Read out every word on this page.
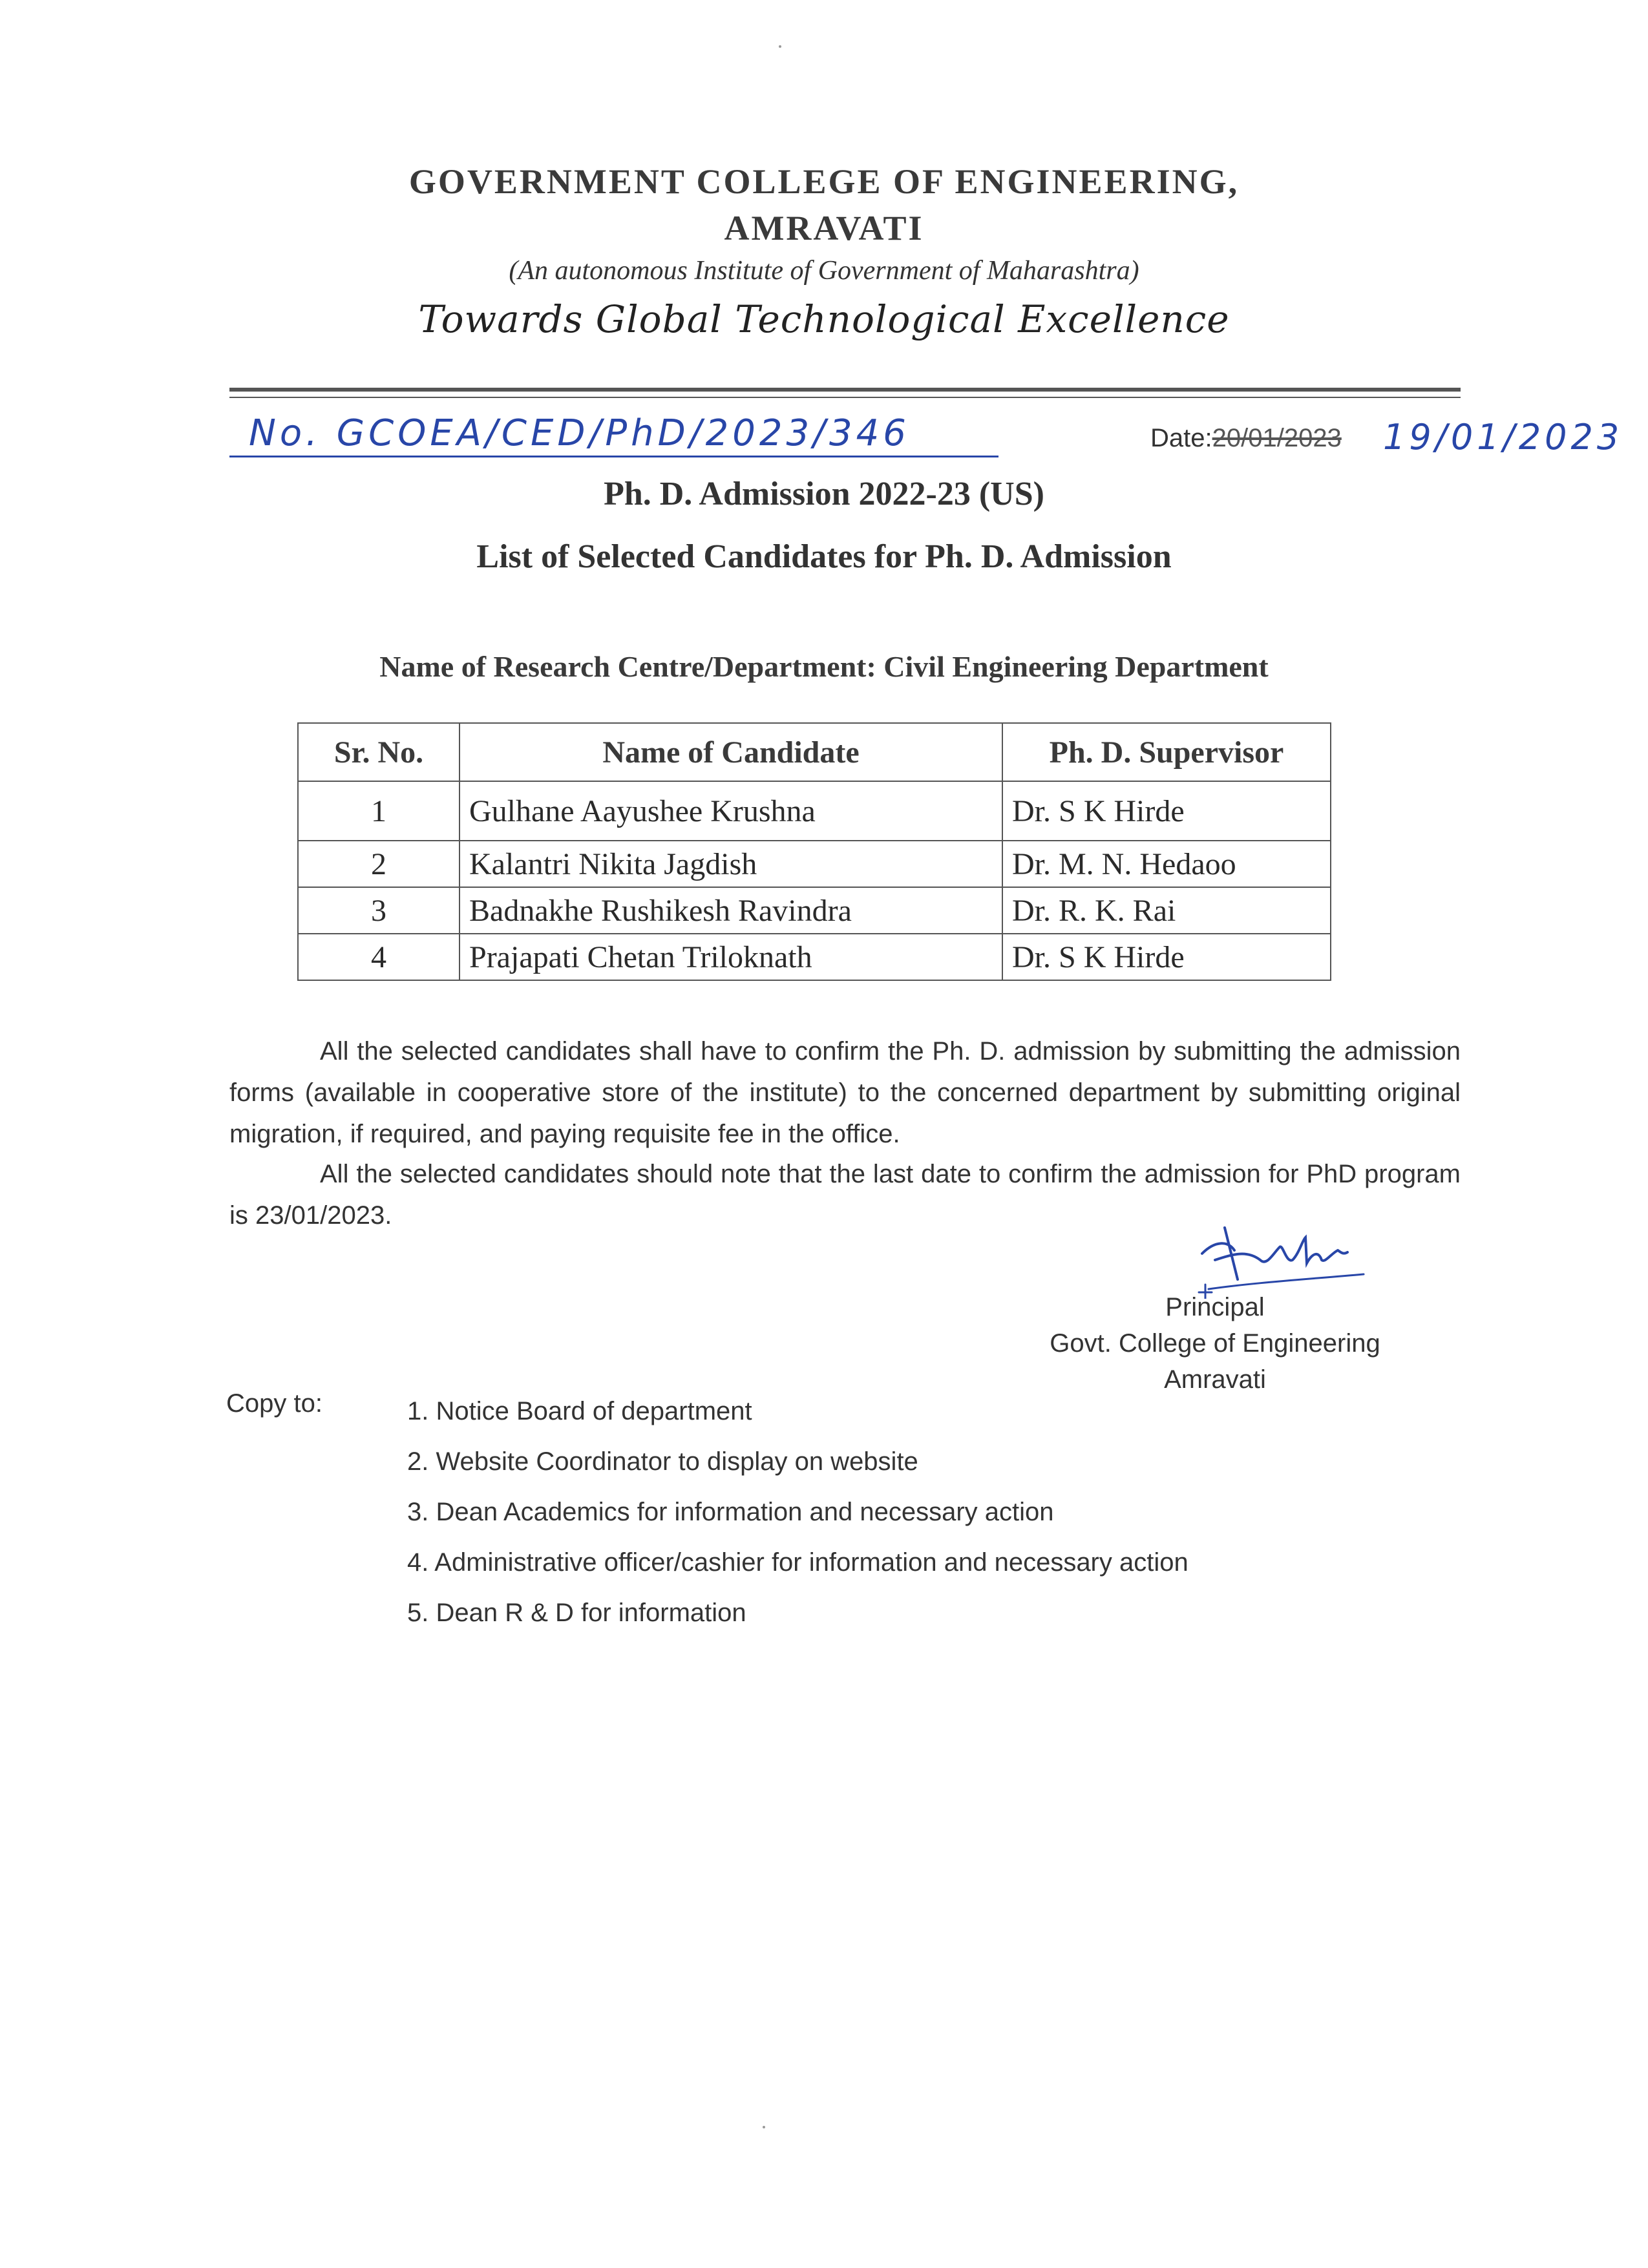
GOVERNMENT COLLEGE OF ENGINEERING,
AMRAVATI
(An autonomous Institute of Government of Maharashtra)
Towards Global Technological Excellence
No. GCOEA/CED/PhD/2023/346	Date:20/01/2023 19/01/2023
Ph. D. Admission 2022-23 (US)
List of Selected Candidates for Ph. D. Admission
Name of Research Centre/Department: Civil Engineering Department
Sr. No.	Name of Candidate	Ph. D. Supervisor
1	Gulhane Aayushee Krushna	Dr. S K Hirde
2	Kalantri Nikita Jagdish	Dr. M. N. Hedaoo
3	Badnakhe Rushikesh Ravindra	Dr. R. K. Rai
4	Prajapati Chetan Triloknath	Dr. S K Hirde
All the selected candidates shall have to confirm the Ph. D. admission by submitting the admission forms (available in cooperative store of the institute) to the concerned department by submitting original migration, if required, and paying requisite fee in the office.
All the selected candidates should note that the last date to confirm the admission for PhD program is 23/01/2023.
Principal
Govt. College of Engineering
Amravati
Copy to:	1. Notice Board of department
2. Website Coordinator to display on website
3. Dean Academics for information and necessary action
4. Administrative officer/cashier for information and necessary action
5. Dean R & D for information
